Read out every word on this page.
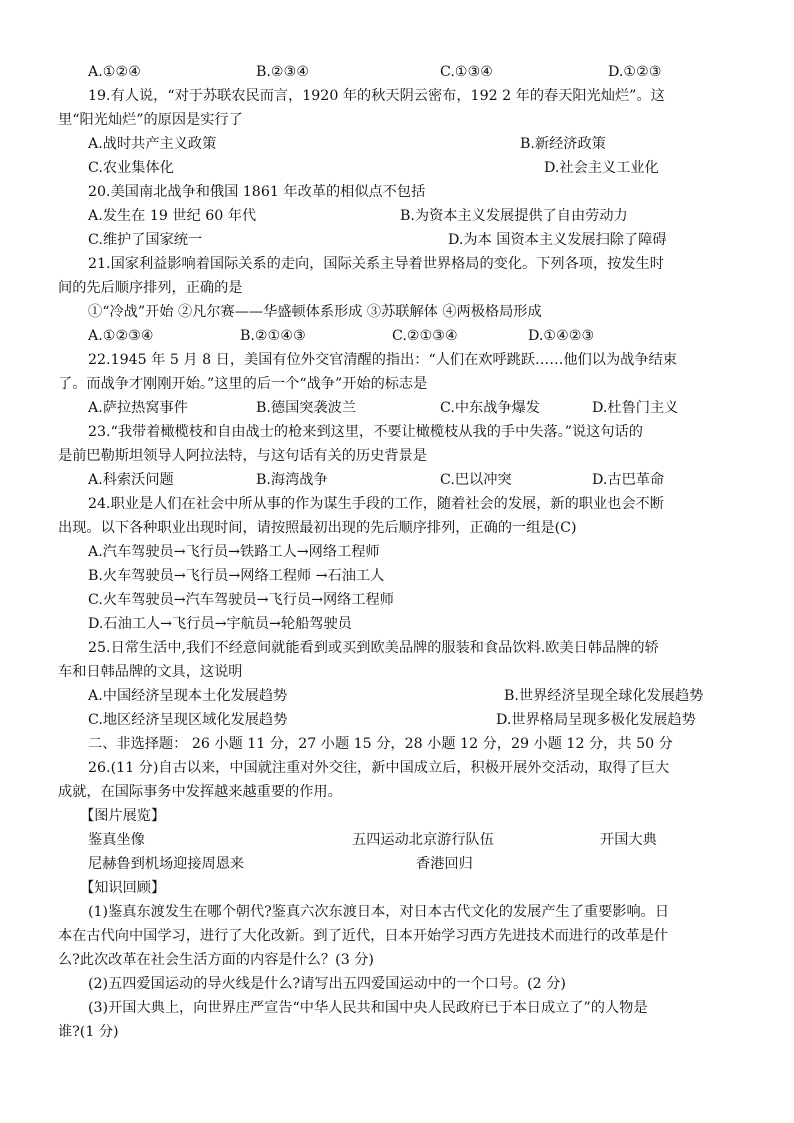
A.①②④	B.②③④	C.①③④	D.①②③
19.有人说，“对于苏联农民而言，1920 年的秋天阴云密布，192 2 年的春天阳光灿烂”。这
里“阳光灿烂”的原因是实行了
A.战时共产主义政策	B.新经济政策
C.农业集体化	D.社会主义工业化
20.美国南北战争和俄国 1861 年改革的相似点不包括
A.发生在 19 世纪 60 年代	B.为资本主义发展提供了自由劳动力
C.维护了国家统一	D.为本 国资本主义发展扫除了障碍
21.国家利益影响着国际关系的走向，国际关系主导着世界格局的变化。下列各项，按发生时
间的先后顺序排列，正确的是
①“冷战”开始 ②凡尔赛——华盛顿体系形成 ③苏联解体 ④两极格局形成
A.①②③④	B.②①④③	C.②①③④	D.①④②③
22.1945 年 5 月 8 日，美国有位外交官清醒的指出：“人们在欢呼跳跃……他们以为战争结束
了。而战争才刚刚开始。”这里的后一个“战争”开始的标志是
A.萨拉热窝事件	B.德国突袭波兰	C.中东战争爆发	D.杜鲁门主义
23.“我带着橄榄枝和自由战士的枪来到这里，不要让橄榄枝从我的手中失落。”说这句话的
是前巴勒斯坦领导人阿拉法特，与这句话有关的历史背景是
A.科索沃问题	B.海湾战争	C.巴以冲突	D.古巴革命
24.职业是人们在社会中所从事的作为谋生手段的工作，随着社会的发展，新的职业也会不断
出现。以下各种职业出现时间，请按照最初出现的先后顺序排列，正确的一组是(C)
A.汽车驾驶员→飞行员→铁路工人→网络工程师
B.火车驾驶员→飞行员→网络工程师 →石油工人
C.火车驾驶员→汽车驾驶员→飞行员→网络工程师
D.石油工人→飞行员→宇航员→轮船驾驶员
25.日常生活中,我们不经意间就能看到或买到欧美品牌的服装和食品饮料.欧美日韩品牌的轿
车和日韩品牌的文具，这说明
A.中国经济呈现本土化发展趋势	B.世界经济呈现全球化发展趋势
C.地区经济呈现区域化发展趋势	D.世界格局呈现多极化发展趋势
二、非选择题： 26 小题 11 分，27 小题 15 分，28 小题 12 分，29 小题 12 分，共 50 分
26.(11 分)自古以来，中国就注重对外交往，新中国成立后，积极开展外交活动，取得了巨大
成就，在国际事务中发挥越来越重要的作用。
【图片展览】
鉴真坐像	五四运动北京游行队伍	开国大典
尼赫鲁到机场迎接周恩来	香港回归
【知识回顾】
(1)鉴真东渡发生在哪个朝代?鉴真六次东渡日本，对日本古代文化的发展产生了重要影响。日
本在古代向中国学习，进行了大化改新。到了近代，日本开始学习西方先进技术而进行的改革是什
么?此次改革在社会生活方面的内容是什么？(3 分)
(2)五四爱国运动的导火线是什么?请写出五四爱国运动中的一个口号。(2 分)
(3)开国大典上，向世界庄严宣告“中华人民共和国中央人民政府已于本日成立了”的人物是
谁?(1 分)
